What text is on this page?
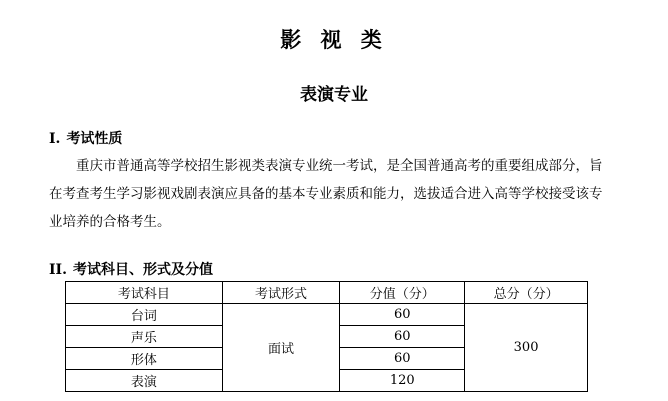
影 视 类
表演专业
I. 考试性质
重庆市普通高等学校招生影视类表演专业统一考试，是全国普通高考的重要组成部分，旨在考查考生学习影视戏剧表演应具备的基本专业素质和能力，选拔适合进入高等学校接受该专业培养的合格考生。
II. 考试科目、形式及分值
考试科目	考试形式	分值（分）	总分（分）
台词	面试	60	300
声乐		60	
形体		60	
表演		120	
